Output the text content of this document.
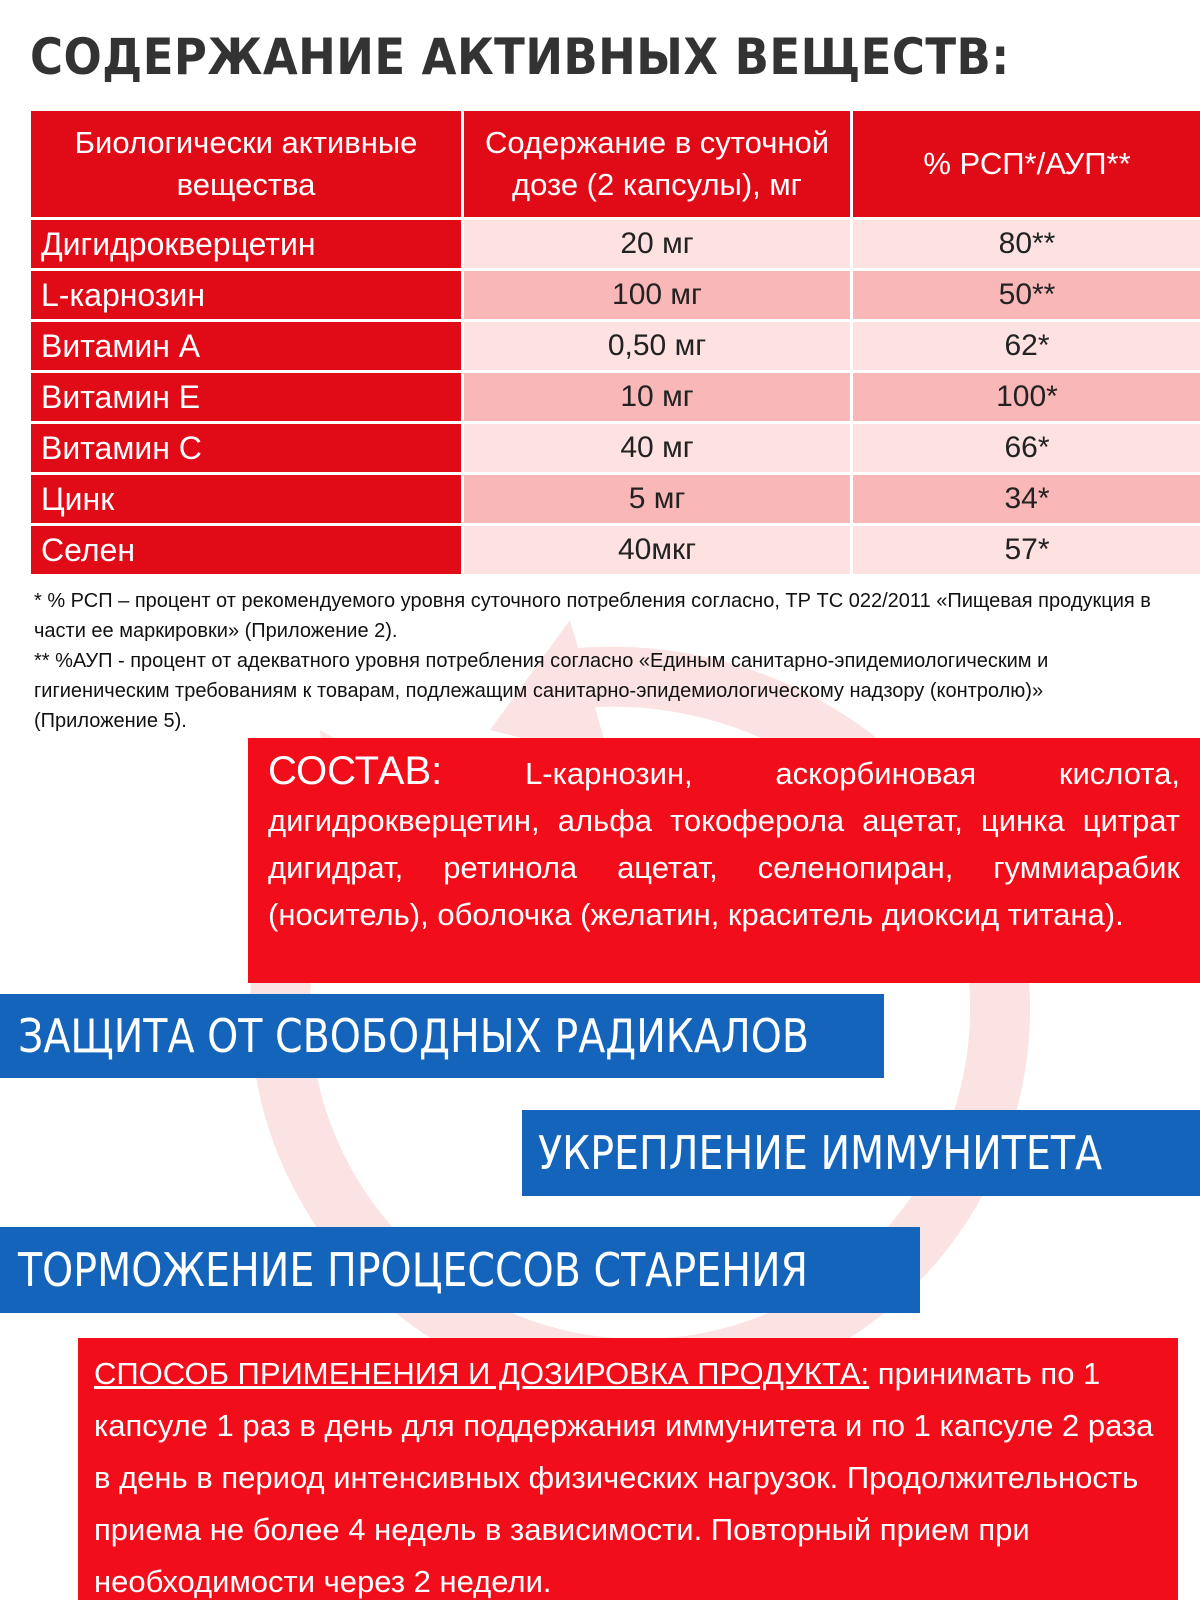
СОДЕРЖАНИЕ АКТИВНЫХ ВЕЩЕСТВ:
Биологически активные вещества	Содержание в суточной дозе (2 капсулы), мг	% РСП*/АУП**
Дигидрокверцетин	20 мг	80**
L-карнозин	100 мг	50**
Витамин А	0,50 мг	62*
Витамин Е	10 мг	100*
Витамин С	40 мг	66*
Цинк	5 мг	34*
Селен	40мкг	57*

* % РСП – процент от рекомендуемого уровня суточного потребления согласно, ТР ТС 022/2011 «Пищевая продукция в части ее маркировки» (Приложение 2).

** %АУП - процент от адекватного уровня потребления согласно «Единым санитарно-эпидемиологическим и гигиеническим требованиям к товарам, подлежащим санитарно-эпидемиологическому надзору (контролю)» (Приложение 5).

СОСТАВ:	L-карнозин, аскорбиновая кислота, дигидрокверцетин, альфа токоферола ацетат, цинка цитрат дигидрат, ретинола ацетат, селенопиран, гуммиарабик (носитель), оболочка (желатин, краситель диоксид титана).
ЗАЩИТА ОТ СВОБОДНЫХ РАДИКАЛОВ
УКРЕПЛЕНИЕ ИММУНИТЕТА
ТОРМОЖЕНИЕ ПРОЦЕССОВ СТАРЕНИЯ
СПОСОБ ПРИМЕНЕНИЯ И ДОЗИРОВКА ПРОДУКТА: принимать по 1 капсуле 1 раз в день для поддержания иммунитета и по 1 капсуле 2 раза в день в период интенсивных физических нагрузок. Продолжительность приема не более 4 недель в зависимости. Повторный прием при необходимости через 2 недели.
